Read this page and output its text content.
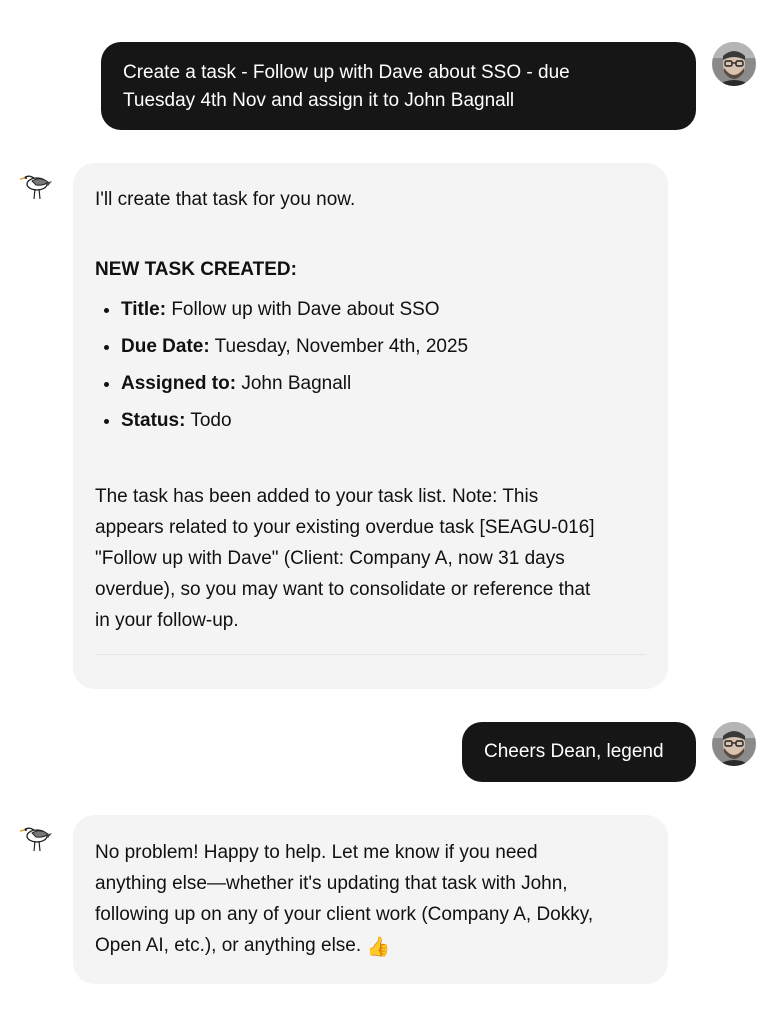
Create a task - Follow up with Dave about SSO - due
Tuesday 4th Nov and assign it to John Bagnall

I'll create that task for you now.

NEW TASK CREATED:

• Title: Follow up with Dave about SSO
• Due Date: Tuesday, November 4th, 2025
• Assigned to: John Bagnall
• Status: Todo
The task has been added to your task list. Note: This
appears related to your existing overdue task [SEAGU-016]
"Follow up with Dave" (Client: Company A, now 31 days
overdue), so you may want to consolidate or reference that
in your follow-up.
Cheers Dean, legend
No problem! Happy to help. Let me know if you need
anything else—whether it's updating that task with John,
following up on any of your client work (Company A, Dokky,
Open AI, etc.), or anything else. 👍
